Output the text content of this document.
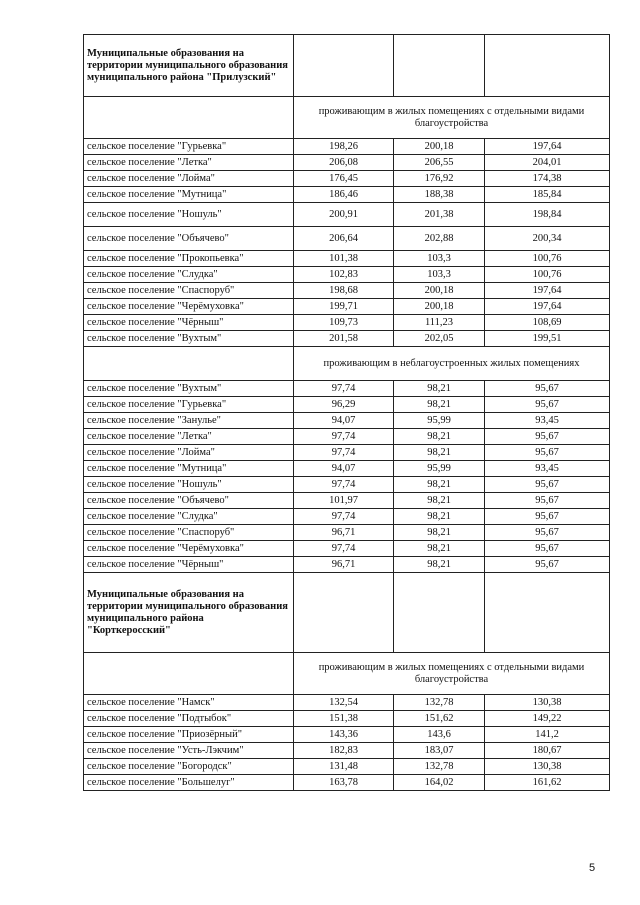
Муниципальные образования на территории муниципального образования муниципального района "Прилузский"			
	проживающим в жилых помещениях с отдельными видами благоустройства		
сельское поселение "Гурьевка"	198,26	200,18	197,64
сельское поселение "Летка"	206,08	206,55	204,01
сельское поселение "Лойма"	176,45	176,92	174,38
сельское поселение "Мутница"	186,46	188,38	185,84
сельское поселение "Ношуль"	200,91	201,38	198,84
сельское поселение "Объячево"	206,64	202,88	200,34
сельское поселение "Прокопьевка"	101,38	103,3	100,76
сельское поселение "Слудка"	102,83	103,3	100,76
сельское поселение "Спаспоруб"	198,68	200,18	197,64
сельское поселение "Черёмуховка"	199,71	200,18	197,64
сельское поселение "Чёрныш"	109,73	111,23	108,69
сельское поселение "Вухтым"	201,58	202,05	199,51
	проживающим в неблагоустроенных жилых помещениях		
сельское поселение "Вухтым"	97,74	98,21	95,67
сельское поселение "Гурьевка"	96,29	98,21	95,67
сельское поселение "Занулье"	94,07	95,99	93,45
сельское поселение "Летка"	97,74	98,21	95,67
сельское поселение "Лойма"	97,74	98,21	95,67
сельское поселение "Мутница"	94,07	95,99	93,45
сельское поселение "Ношуль"	97,74	98,21	95,67
сельское поселение "Объячево"	101,97	98,21	95,67
сельское поселение "Слудка"	97,74	98,21	95,67
сельское поселение "Спаспоруб"	96,71	98,21	95,67
сельское поселение "Черёмуховка"	97,74	98,21	95,67
сельское поселение "Чёрныш"	96,71	98,21	95,67
Муниципальные образования на территории муниципального образования муниципального района "Корткеросский"			
	проживающим в жилых помещениях с отдельными видами благоустройства		
сельское поселение "Намск"	132,54	132,78	130,38
сельское поселение "Подтыбок"	151,38	151,62	149,22
сельское поселение "Приозёрный"	143,36	143,6	141,2
сельское поселение "Усть-Лэкчим"	182,83	183,07	180,67
сельское поселение "Богородск"	131,48	132,78	130,38
сельское поселение "Большелуг"	163,78	164,02	161,62
5
